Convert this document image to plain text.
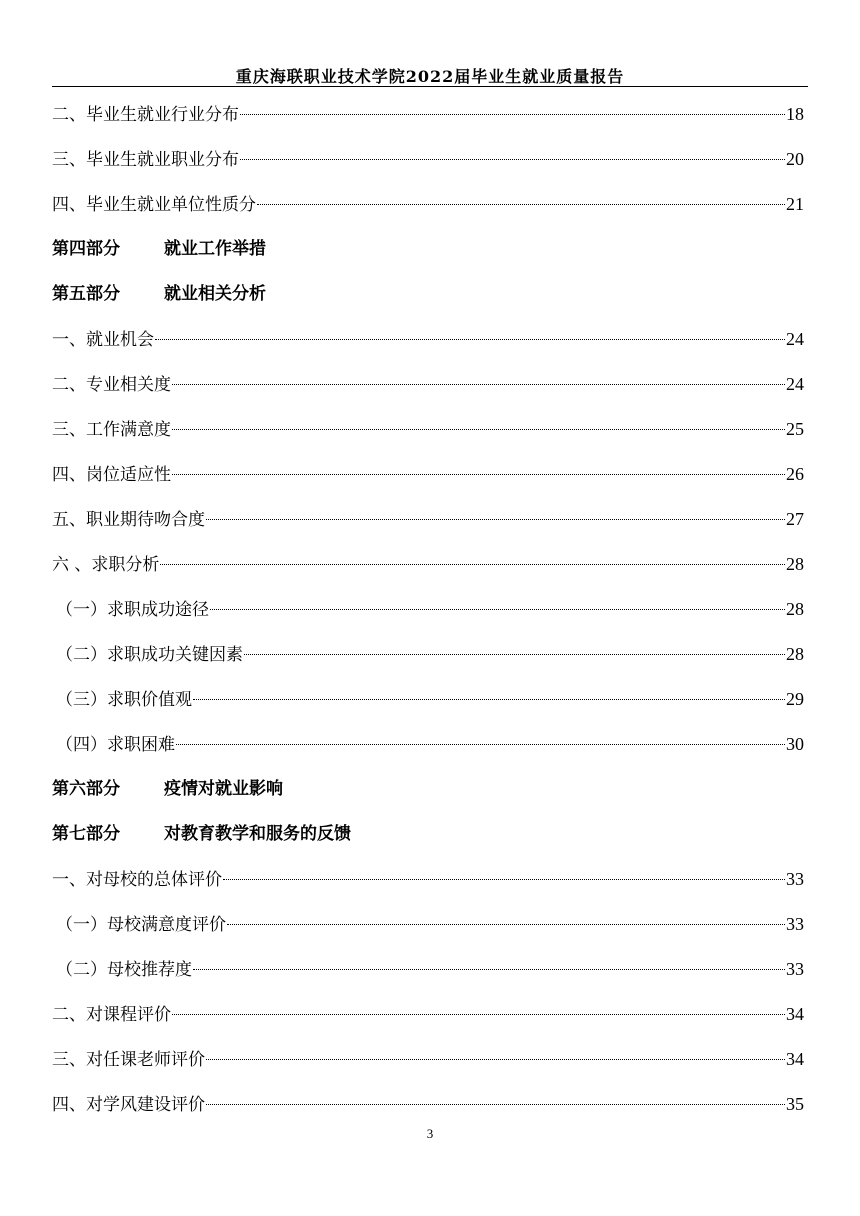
重庆海联职业技术学院2022届毕业生就业质量报告
二、毕业生就业行业分布	18
三、毕业生就业职业分布	20
四、毕业生就业单位性质分	21
第四部分	就业工作举措
第五部分	就业相关分析
一、就业机会	24
二、专业相关度	24
三、工作满意度	25
四、岗位适应性	26
五、职业期待吻合度	27
六 、求职分析	28
（一）求职成功途径	28
（二）求职成功关键因素	28
（三）求职价值观	29
（四）求职困难	30
第六部分	疫情对就业影响
第七部分	对教育教学和服务的反馈
一、对母校的总体评价	33
（一）母校满意度评价	33
（二）母校推荐度	33
二、对课程评价	34
三、对任课老师评价	34
四、对学风建设评价	35
3
